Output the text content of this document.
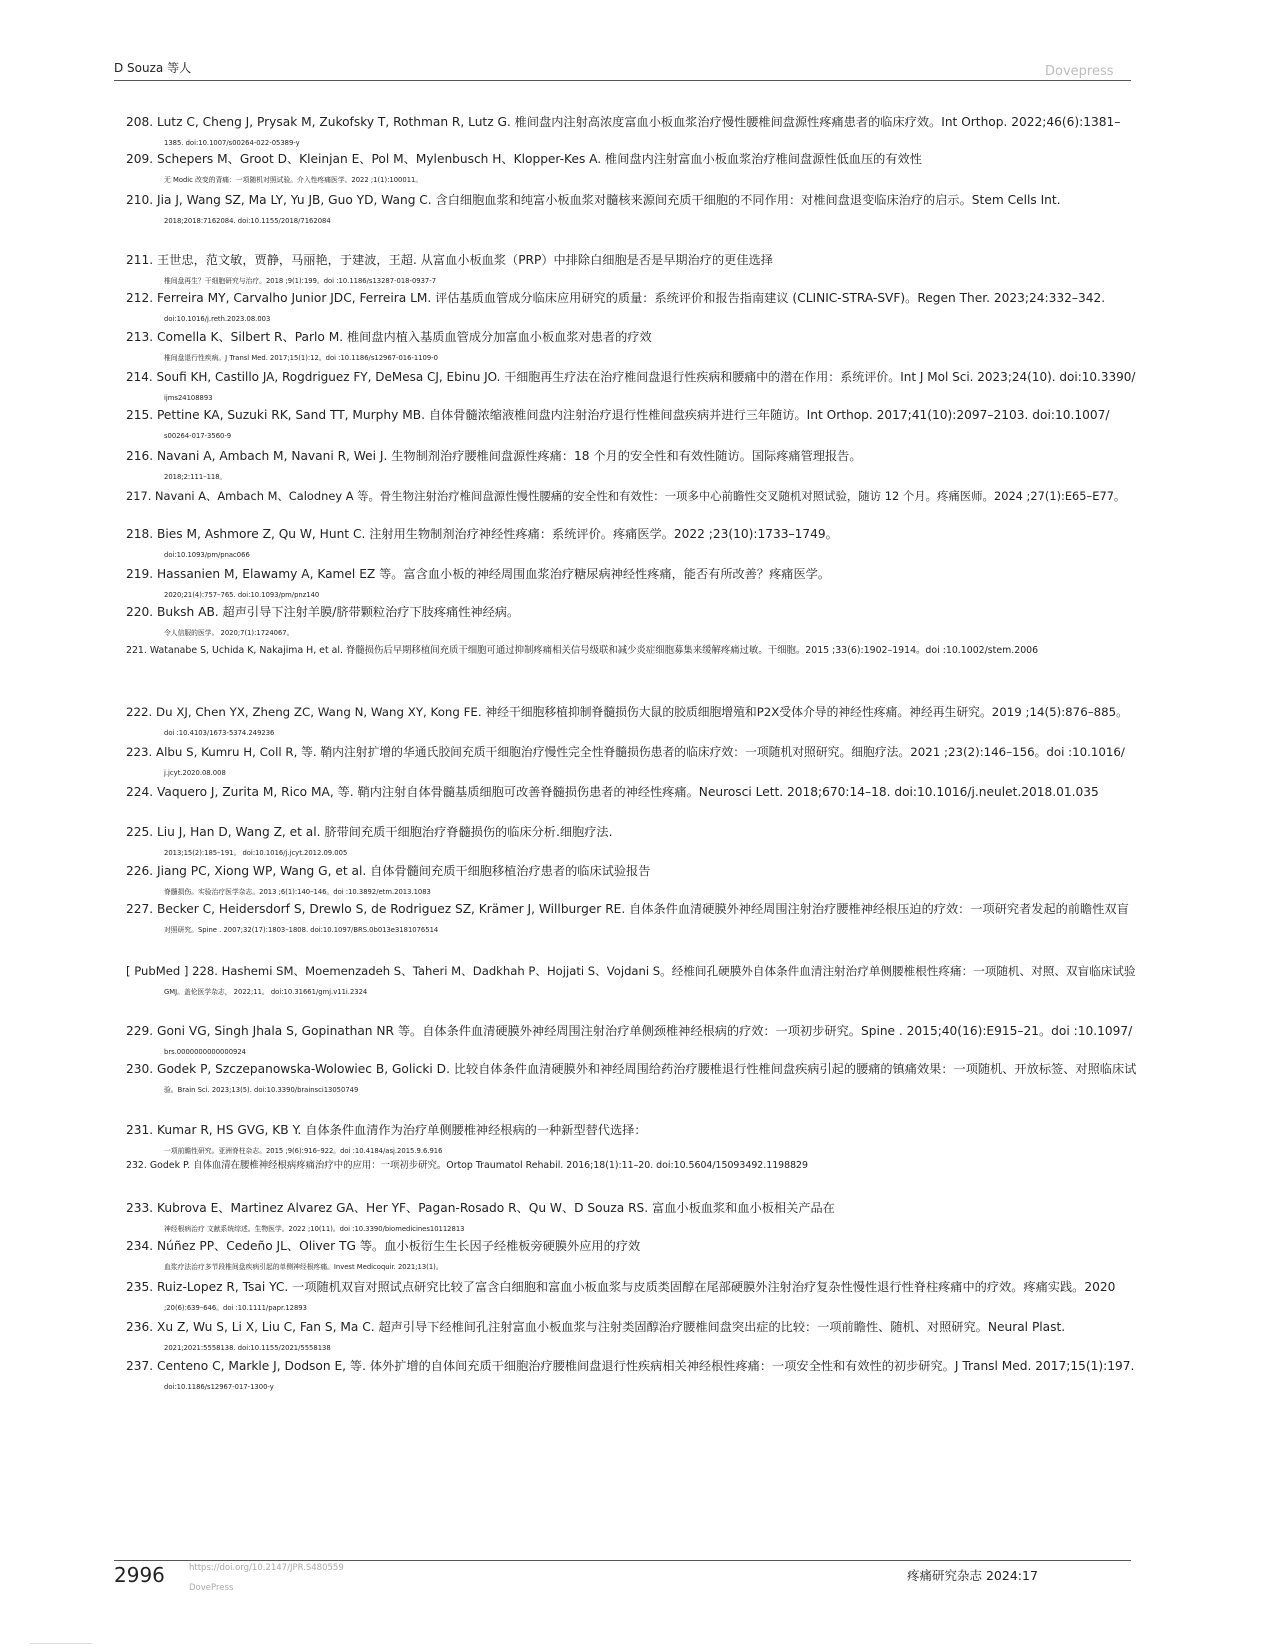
D Souza 等人	Dovepress
208. Lutz C, Cheng J, Prysak M, Zukofsky T, Rothman R, Lutz G. 椎间盘内注射高浓度富血小板血浆治疗慢性腰椎间盘源性疼痛患者的临床疗效。Int Orthop. 2022;46(6):1381–
1385. doi:10.1007/s00264-022-05389-y
209. Schepers M、Groot D、Kleinjan E、Pol M、Mylenbusch H、Klopper-Kes A. 椎间盘内注射富血小板血浆治疗椎间盘源性低血压的有效性
无 Modic 改变的背痛：一项随机对照试验。介入性疼痛医学。2022 ;1(1):100011。
210. Jia J, Wang SZ, Ma LY, Yu JB, Guo YD, Wang C. 含白细胞血浆和纯富小板血浆对髓核来源间充质干细胞的不同作用：对椎间盘退变临床治疗的启示。Stem Cells Int.
2018;2018:7162084. doi:10.1155/2018/7162084
211. 王世忠，范文敏，贾静，马丽艳，于建波，王超. 从富血小板血浆（PRP）中排除白细胞是否是早期治疗的更佳选择
椎间盘再生？干细胞研究与治疗。2018 ;9(1):199。doi :10.1186/s13287-018-0937-7
212. Ferreira MY, Carvalho Junior JDC, Ferreira LM. 评估基质血管成分临床应用研究的质量：系统评价和报告指南建议 (CLINIC-STRA-SVF)。Regen Ther. 2023;24:332–342.
doi:10.1016/j.reth.2023.08.003
213. Comella K、Silbert R、Parlo M. 椎间盘内植入基质血管成分加富血小板血浆对患者的疗效
椎间盘退行性疾病。J Transl Med. 2017;15(1):12。doi :10.1186/s12967-016-1109-0
214. Soufi KH, Castillo JA, Rogdriguez FY, DeMesa CJ, Ebinu JO. 干细胞再生疗法在治疗椎间盘退行性疾病和腰痛中的潜在作用：系统评价。Int J Mol Sci. 2023;24(10). doi:10.3390/
ijms24108893
215. Pettine KA, Suzuki RK, Sand TT, Murphy MB. 自体骨髓浓缩液椎间盘内注射治疗退行性椎间盘疾病并进行三年随访。Int Orthop. 2017;41(10):2097–2103. doi:10.1007/
s00264-017-3560-9
216. Navani A, Ambach M, Navani R, Wei J. 生物制剂治疗腰椎间盘源性疼痛：18 个月的安全性和有效性随访。国际疼痛管理报告。
2018;2:111–118。
217. Navani A、Ambach M、Calodney A 等。骨生物注射治疗椎间盘源性慢性腰痛的安全性和有效性：一项多中心前瞻性交叉随机对照试验，随访 12 个月。疼痛医师。2024 ;27(1):E65–E77。
218. Bies M, Ashmore Z, Qu W, Hunt C. 注射用生物制剂治疗神经性疼痛：系统评价。疼痛医学。2022 ;23(10):1733–1749。
doi:10.1093/pm/pnac066
219. Hassanien M, Elawamy A, Kamel EZ 等。富含血小板的神经周围血浆治疗糖尿病神经性疼痛，能否有所改善？疼痛医学。
2020;21(4):757–765. doi:10.1093/pm/pnz140
220. Buksh AB. 超声引导下注射羊膜/脐带颗粒治疗下肢疼痛性神经病。
令人信服的医学。 2020;7(1):1724067。
221. Watanabe S, Uchida K, Nakajima H, et al. 脊髓损伤后早期移植间充质干细胞可通过抑制疼痛相关信号级联和减少炎症细胞募集来缓解疼痛过敏。干细胞。2015 ;33(6):1902–1914。doi :10.1002/stem.2006
222. Du XJ, Chen YX, Zheng ZC, Wang N, Wang XY, Kong FE. 神经干细胞移植抑制脊髓损伤大鼠的胶质细胞增殖和P2X受体介导的神经性疼痛。神经再生研究。2019 ;14(5):876–885。
doi :10.4103/1673-5374.249236
223. Albu S, Kumru H, Coll R, 等. 鞘内注射扩增的华通氏胶间充质干细胞治疗慢性完全性脊髓损伤患者的临床疗效：一项随机对照研究。细胞疗法。2021 ;23(2):146–156。doi :10.1016/
j.jcyt.2020.08.008
224. Vaquero J, Zurita M, Rico MA, 等. 鞘内注射自体骨髓基质细胞可改善脊髓损伤患者的神经性疼痛。Neurosci Lett. 2018;670:14–18. doi:10.1016/j.neulet.2018.01.035
225. Liu J, Han D, Wang Z, et al. 脐带间充质干细胞治疗脊髓损伤的临床分析.细胞疗法.
2013;15(2):185–191。 doi:10.1016/j.jcyt.2012.09.005
226. Jiang PC, Xiong WP, Wang G, et al. 自体骨髓间充质干细胞移植治疗患者的临床试验报告
脊髓损伤。实验治疗医学杂志。2013 ;6(1):140–146。doi :10.3892/etm.2013.1083
227. Becker C, Heidersdorf S, Drewlo S, de Rodriguez SZ, Krämer J, Willburger RE. 自体条件血清硬膜外神经周围注射治疗腰椎神经根压迫的疗效：一项研究者发起的前瞻性双盲
对照研究。Spine . 2007;32(17):1803–1808. doi:10.1097/BRS.0b013e3181076514
[ PubMed ] 228. Hashemi SM、Moemenzadeh S、Taheri M、Dadkhah P、Hojjati S、Vojdani S。经椎间孔硬膜外自体条件血清注射治疗单侧腰椎根性疼痛：一项随机、对照、双盲临床试验
GMJ。盖伦医学杂志， 2022;11。 doi:10.31661/gmj.v11i.2324
229. Goni VG, Singh Jhala S, Gopinathan NR 等。自体条件血清硬膜外神经周围注射治疗单侧颈椎神经根病的疗效：一项初步研究。Spine . 2015;40(16):E915–21。doi :10.1097/
brs.0000000000000924
230. Godek P, Szczepanowska-Wolowiec B, Golicki D. 比较自体条件血清硬膜外和神经周围给药治疗腰椎退行性椎间盘疾病引起的腰痛的镇痛效果：一项随机、开放标签、对照临床试
验。Brain Sci. 2023;13(5). doi:10.3390/brainsci13050749
231. Kumar R, HS GVG, KB Y. 自体条件血清作为治疗单侧腰椎神经根病的一种新型替代选择：
一项前瞻性研究。亚洲脊柱杂志。2015 ;9(6):916–922。doi :10.4184/asj.2015.9.6.916
232. Godek P. 自体血清在腰椎神经根病疼痛治疗中的应用：一项初步研究。Ortop Traumatol Rehabil. 2016;18(1):11–20. doi:10.5604/15093492.1198829
233. Kubrova E、Martinez Alvarez GA、Her YF、Pagan-Rosado R、Qu W、D Souza RS. 富血小板血浆和血小板相关产品在
神经根病治疗 文献系统综述。生物医学。2022 ;10(11)。doi :10.3390/biomedicines10112813
234. Núñez PP、Cedeño JL、Oliver TG 等。血小板衍生生长因子经椎板旁硬膜外应用的疗效
血浆疗法治疗多节段椎间盘疾病引起的单侧神经根疼痛。Invest Medicoquir. 2021;13(1)。
235. Ruiz-Lopez R, Tsai YC. 一项随机双盲对照试点研究比较了富含白细胞和富血小板血浆与皮质类固醇在尾部硬膜外注射治疗复杂性慢性退行性脊柱疼痛中的疗效。疼痛实践。2020
;20(6):639–646。doi :10.1111/papr.12893
236. Xu Z, Wu S, Li X, Liu C, Fan S, Ma C. 超声引导下经椎间孔注射富血小板血浆与注射类固醇治疗腰椎间盘突出症的比较：一项前瞻性、随机、对照研究。Neural Plast.
2021;2021:5558138. doi:10.1155/2021/5558138
237. Centeno C, Markle J, Dodson E, 等. 体外扩增的自体间充质干细胞治疗腰椎间盘退行性疾病相关神经根性疼痛：一项安全性和有效性的初步研究。J Transl Med. 2017;15(1):197.
doi:10.1186/s12967-017-1300-y
2996	https://doi.org/10.2147/JPR.S480559
DovePress
疼痛研究杂志 2024:17
